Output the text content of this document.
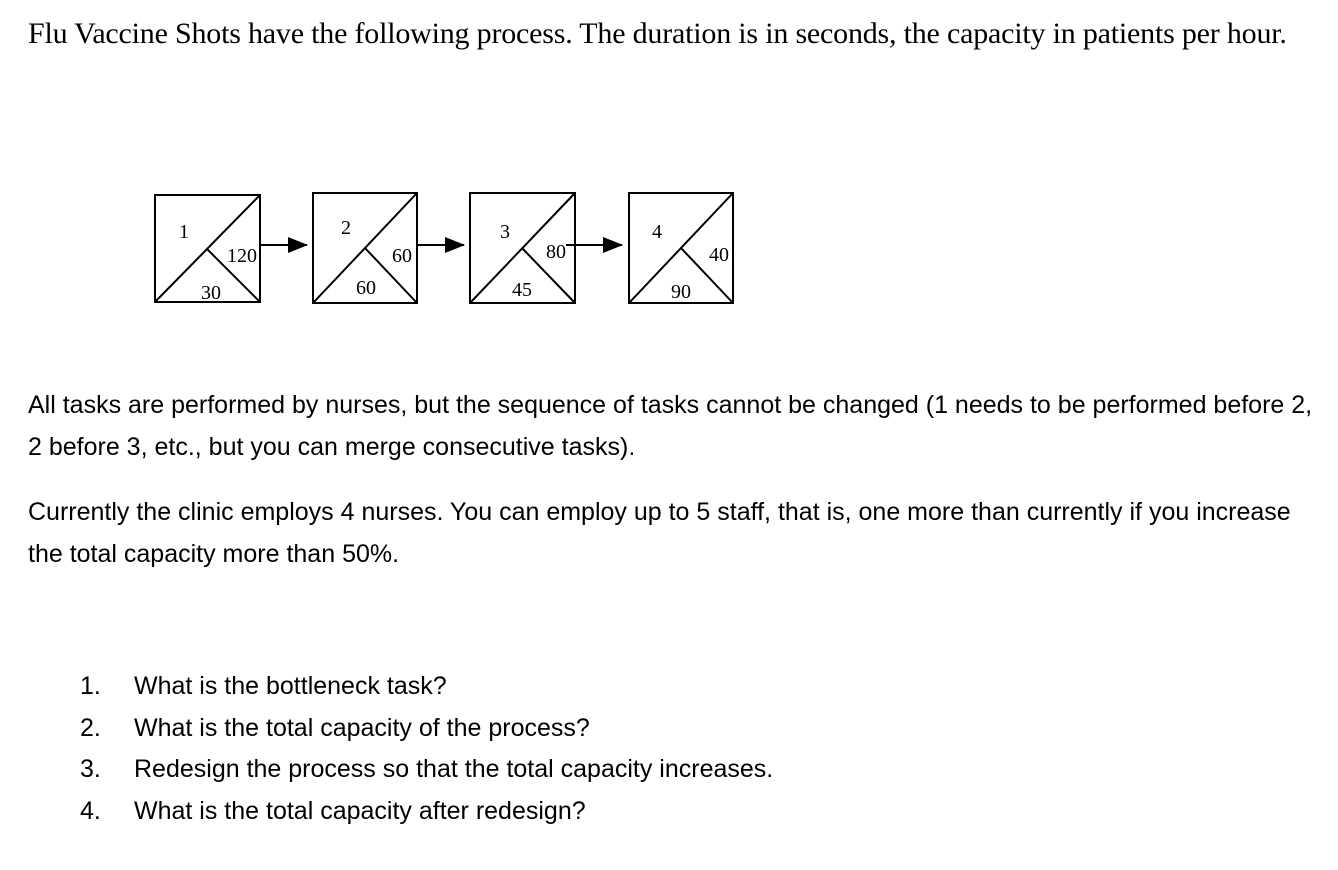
Flu Vaccine Shots have the following process. The duration is in seconds, the capacity in patients per hour.

1
120
30
2
60
60
3
80
45
4
40
90

All tasks are performed by nurses, but the sequence of tasks cannot be changed (1 needs to be performed before 2, 2 before 3, etc., but you can merge consecutive tasks).

Currently the clinic employs 4 nurses. You can employ up to 5 staff, that is, one more than currently if you increase the total capacity more than 50%.

1. What is the bottleneck task?
2. What is the total capacity of the process?
3. Redesign the process so that the total capacity increases.
4. What is the total capacity after redesign?
